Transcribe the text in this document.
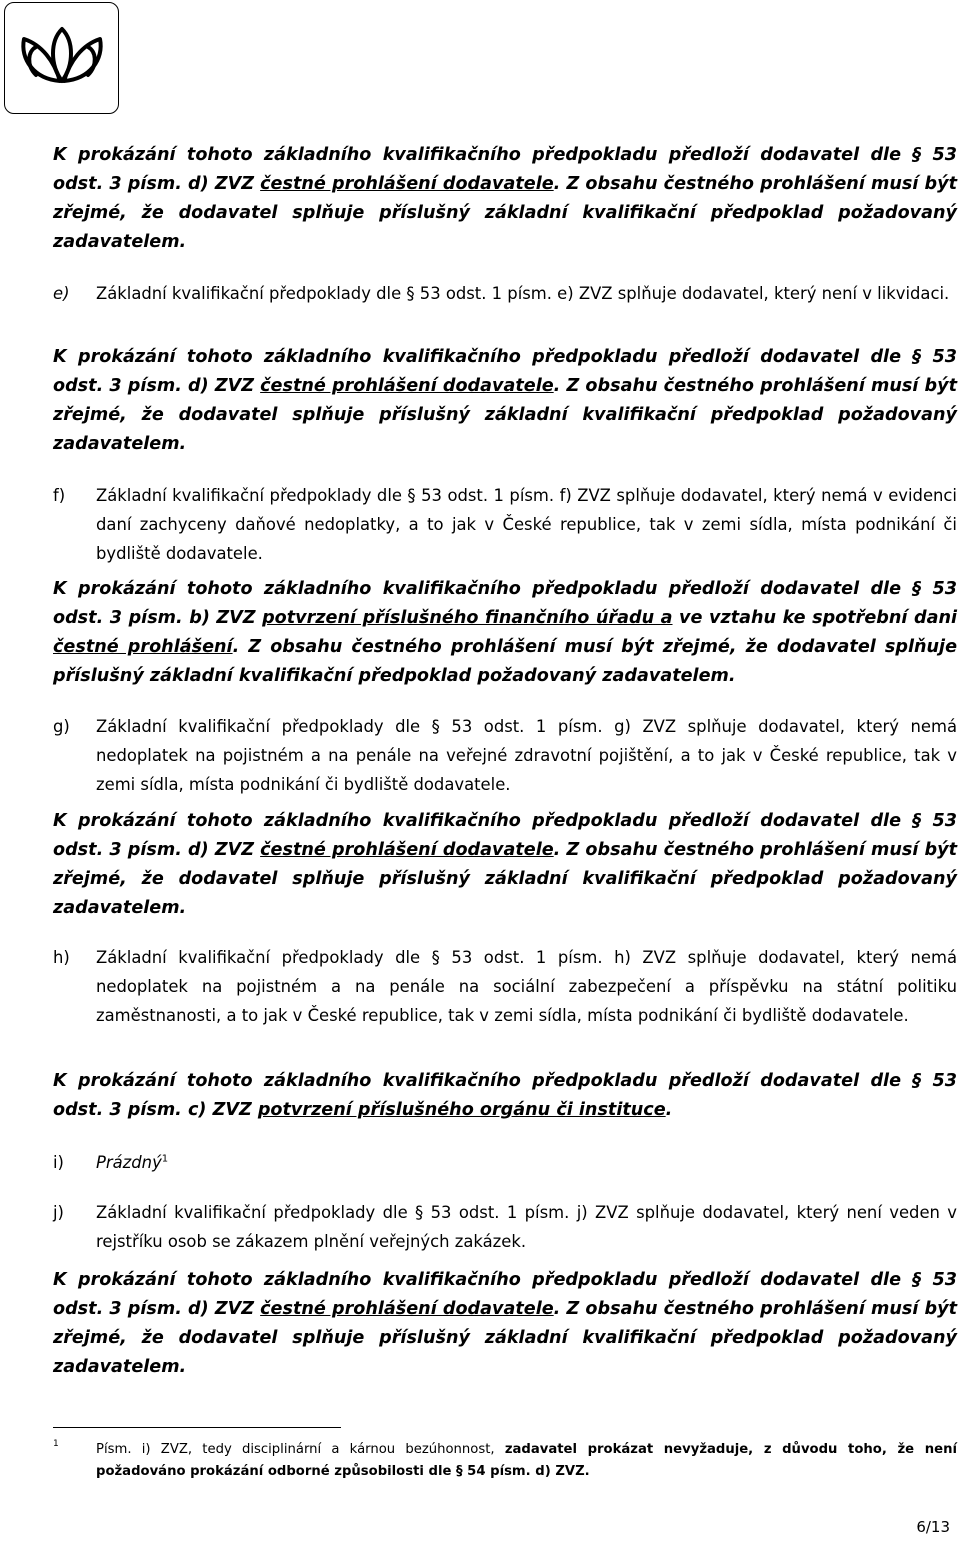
K prokázání tohoto základního kvalifikačního předpokladu předloží dodavatel dle § 53 odst. 3 písm. d) ZVZ čestné prohlášení dodavatele. Z obsahu čestného prohlášení musí být zřejmé, že dodavatel splňuje příslušný základní kvalifikační předpoklad požadovaný zadavatelem.

e) Základní kvalifikační předpoklady dle § 53 odst. 1 písm. e) ZVZ splňuje dodavatel, který není v likvidaci.

K prokázání tohoto základního kvalifikačního předpokladu předloží dodavatel dle § 53 odst. 3 písm. d) ZVZ čestné prohlášení dodavatele. Z obsahu čestného prohlášení musí být zřejmé, že dodavatel splňuje příslušný základní kvalifikační předpoklad požadovaný zadavatelem.

f) Základní kvalifikační předpoklady dle § 53 odst. 1 písm. f) ZVZ splňuje dodavatel, který nemá v evidenci daní zachyceny daňové nedoplatky, a to jak v České republice, tak v zemi sídla, místa podnikání či bydliště dodavatele.

K prokázání tohoto základního kvalifikačního předpokladu předloží dodavatel dle § 53 odst. 3 písm. b) ZVZ potvrzení příslušného finančního úřadu a ve vztahu ke spotřební dani čestné prohlášení. Z obsahu čestného prohlášení musí být zřejmé, že dodavatel splňuje příslušný základní kvalifikační předpoklad požadovaný zadavatelem.

g) Základní kvalifikační předpoklady dle § 53 odst. 1 písm. g) ZVZ splňuje dodavatel, který nemá nedoplatek na pojistném a na penále na veřejné zdravotní pojištění, a to jak v České republice, tak v zemi sídla, místa podnikání či bydliště dodavatele.

K prokázání tohoto základního kvalifikačního předpokladu předloží dodavatel dle § 53 odst. 3 písm. d) ZVZ čestné prohlášení dodavatele. Z obsahu čestného prohlášení musí být zřejmé, že dodavatel splňuje příslušný základní kvalifikační předpoklad požadovaný zadavatelem.

h) Základní kvalifikační předpoklady dle § 53 odst. 1 písm. h) ZVZ splňuje dodavatel, který nemá nedoplatek na pojistném a na penále na sociální zabezpečení a příspěvku na státní politiku zaměstnanosti, a to jak v České republice, tak v zemi sídla, místa podnikání či bydliště dodavatele.

K prokázání tohoto základního kvalifikačního předpokladu předloží dodavatel dle § 53 odst. 3 písm. c) ZVZ potvrzení příslušného orgánu či instituce.

i) Prázdný$^1$
j) Základní kvalifikační předpoklady dle § 53 odst. 1 písm. j) ZVZ splňuje dodavatel, který není veden v rejstříku osob se zákazem plnění veřejných zakázek.

K prokázání tohoto základního kvalifikačního předpokladu předloží dodavatel dle § 53 odst. 3 písm. d) ZVZ čestné prohlášení dodavatele. Z obsahu čestného prohlášení musí být zřejmé, že dodavatel splňuje příslušný základní kvalifikační předpoklad požadovaný zadavatelem.

1	Písm. i) ZVZ, tedy disciplinární a kárnou bezúhonnost, zadavatel prokázat nevyžaduje, z důvodu toho, že není požadováno prokázání odborné způsobilosti dle § 54 písm. d) ZVZ.
6/13
